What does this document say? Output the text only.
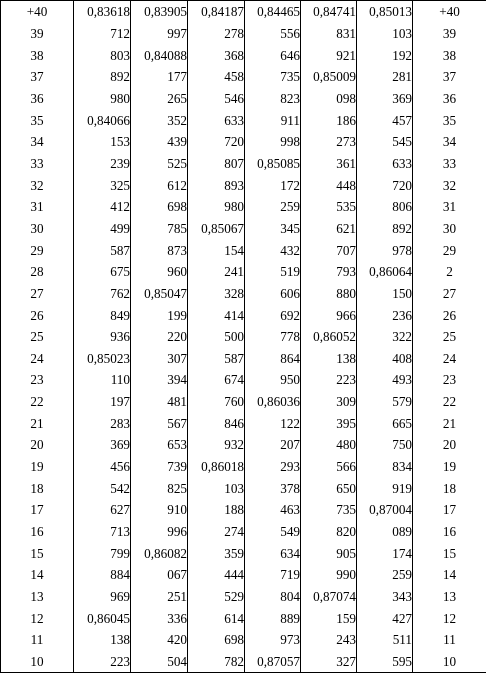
+40	0,83618	0,83905	0,84187	0,84465	0,84741	0,85013	+40
39	712	997	278	556	831	103	39
38	803	0,84088	368	646	921	192	38
37	892	177	458	735	0,85009	281	37
36	980	265	546	823	098	369	36
35	0,84066	352	633	911	186	457	35
34	153	439	720	998	273	545	34
33	239	525	807	0,85085	361	633	33
32	325	612	893	172	448	720	32
31	412	698	980	259	535	806	31
30	499	785	0,85067	345	621	892	30
29	587	873	154	432	707	978	29
28	675	960	241	519	793	0,86064	2
27	762	0,85047	328	606	880	150	27
26	849	199	414	692	966	236	26
25	936	220	500	778	0,86052	322	25
24	0,85023	307	587	864	138	408	24
23	110	394	674	950	223	493	23
22	197	481	760	0,86036	309	579	22
21	283	567	846	122	395	665	21
20	369	653	932	207	480	750	20
19	456	739	0,86018	293	566	834	19
18	542	825	103	378	650	919	18
17	627	910	188	463	735	0,87004	17
16	713	996	274	549	820	089	16
15	799	0,86082	359	634	905	174	15
14	884	067	444	719	990	259	14
13	969	251	529	804	0,87074	343	13
12	0,86045	336	614	889	159	427	12
11	138	420	698	973	243	511	11
10	223	504	782	0,87057	327	595	10
